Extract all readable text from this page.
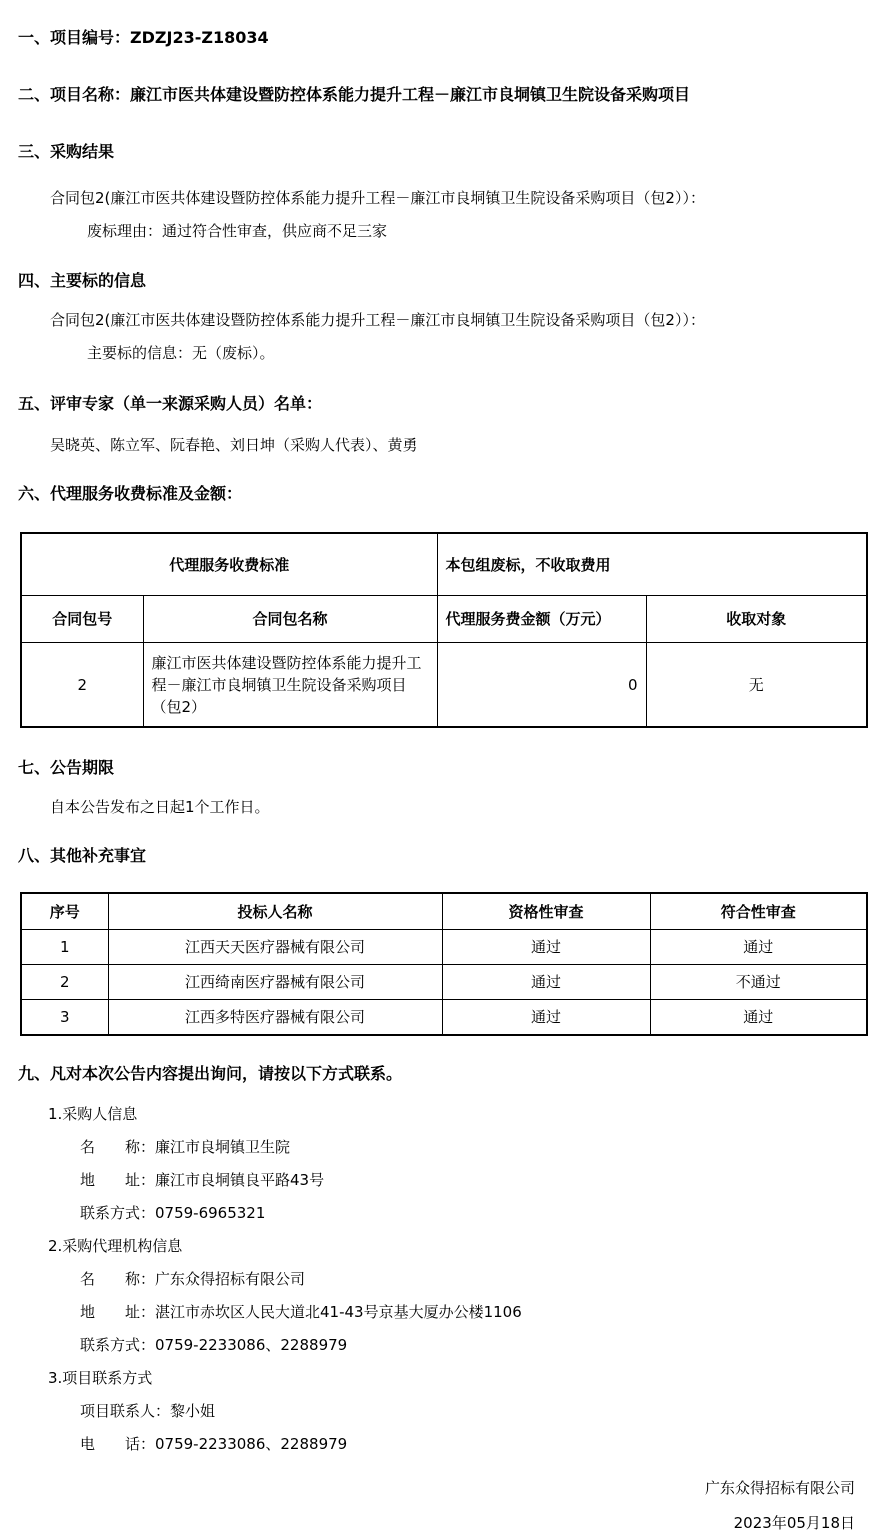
一、项目编号：ZDZJ23-Z18034
二、项目名称：廉江市医共体建设暨防控体系能力提升工程－廉江市良垌镇卫生院设备采购项目
三、采购结果
合同包2(廉江市医共体建设暨防控体系能力提升工程－廉江市良垌镇卫生院设备采购项目（包2））：
废标理由：通过符合性审查，供应商不足三家
四、主要标的信息
合同包2(廉江市医共体建设暨防控体系能力提升工程－廉江市良垌镇卫生院设备采购项目（包2））：
主要标的信息：无（废标）。
五、评审专家（单一来源采购人员）名单：
吴晓英、陈立军、阮春艳、刘日坤（采购人代表）、黄勇
六、代理服务收费标准及金额：
代理服务收费标准		本包组废标，不收取费用	
合同包号	合同包名称	代理服务费金额（万元）	收取对象
2	廉江市医共体建设暨防控体系能力提升工程－廉江市良垌镇卫生院设备采购项目（包2）	0	无
七、公告期限
自本公告发布之日起1个工作日。
八、其他补充事宜
序号	投标人名称	资格性审查	符合性审查
1	江西天天医疗器械有限公司	通过	通过
2	江西绮南医疗器械有限公司	通过	不通过
3	江西多特医疗器械有限公司	通过	通过
九、凡对本次公告内容提出询问，请按以下方式联系。
1.采购人信息
名　　称：廉江市良垌镇卫生院
地　　址：廉江市良垌镇良平路43号
联系方式：0759-6965321
2.采购代理机构信息
名　　称：广东众得招标有限公司
地　　址：湛江市赤坎区人民大道北41-43号京基大厦办公楼1106
联系方式：0759-2233086、2288979
3.项目联系方式
项目联系人：黎小姐
电　　话：0759-2233086、2288979
广东众得招标有限公司
2023年05月18日
